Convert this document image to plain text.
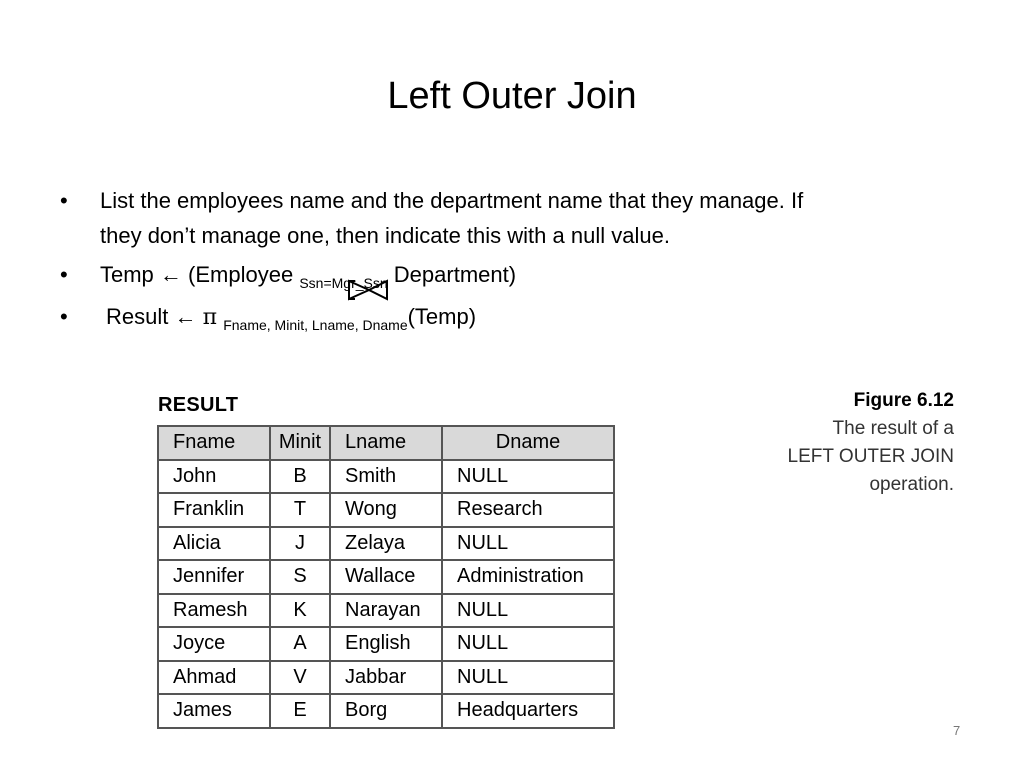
Left Outer Join
• List the employees name and the department name that they manage. If
they don’t manage one, then indicate this with a null value.
• Temp ← (Employee $_{Ssn=Mgr\_Ssn}$ Department)
• Result ← π $_{Fname, Minit, Lname, Dname}$(Temp)
RESULT
Fname	Minit	Lname	Dname
John	B	Smith	NULL
Franklin	T	Wong	Research
Alicia	J	Zelaya	NULL
Jennifer	S	Wallace	Administration
Ramesh	K	Narayan	NULL
Joyce	A	English	NULL
Ahmad	V	Jabbar	NULL
James	E	Borg	Headquarters
Figure 6.12
The result of a
LEFT OUTER JOIN
operation.
7
